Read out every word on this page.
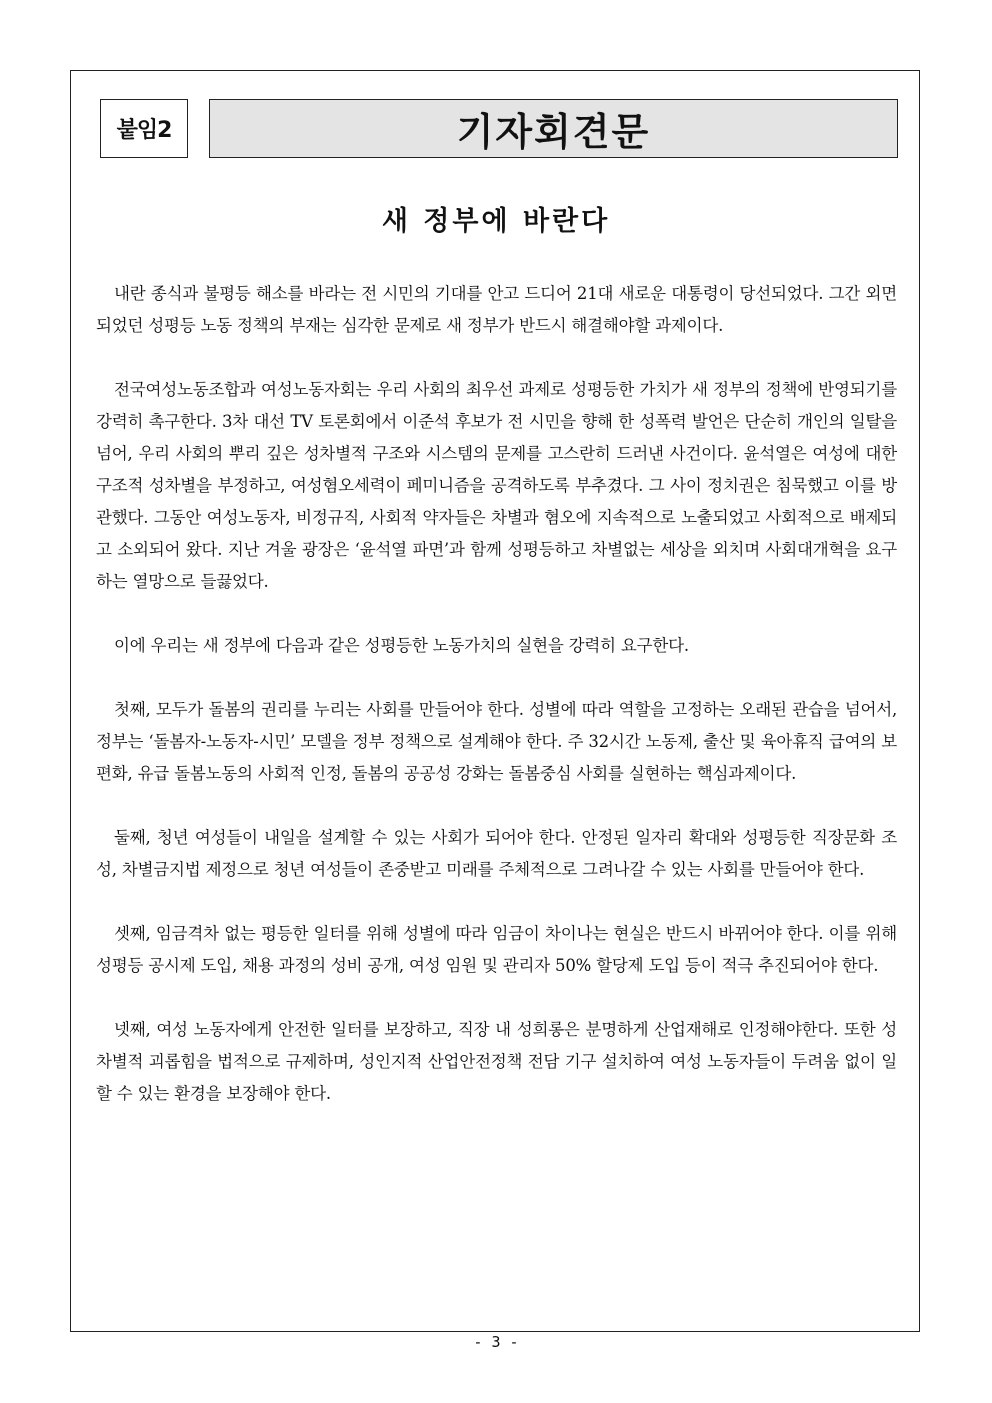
붙임2	기자회견문
새 정부에 바란다

내란 종식과 불평등 해소를 바라는 전 시민의 기대를 안고 드디어 21대 새로운 대통령이 당선되었다. 그간 외면되었던 성평등 노동 정책의 부재는 심각한 문제로 새 정부가 반드시 해결해야할 과제이다.

전국여성노동조합과 여성노동자회는 우리 사회의 최우선 과제로 성평등한 가치가 새 정부의 정책에 반영되기를 강력히 촉구한다. 3차 대선 TV 토론회에서 이준석 후보가 전 시민을 향해 한 성폭력 발언은 단순히 개인의 일탈을 넘어, 우리 사회의 뿌리 깊은 성차별적 구조와 시스템의 문제를 고스란히 드러낸 사건이다. 윤석열은 여성에 대한 구조적 성차별을 부정하고, 여성혐오세력이 페미니즘을 공격하도록 부추겼다. 그 사이 정치권은 침묵했고 이를 방관했다. 그동안 여성노동자, 비정규직, 사회적 약자들은 차별과 혐오에 지속적으로 노출되었고 사회적으로 배제되고 소외되어 왔다. 지난 겨울 광장은 ‘윤석열 파면’과 함께 성평등하고 차별없는 세상을 외치며 사회대개혁을 요구하는 열망으로 들끓었다.

이에 우리는 새 정부에 다음과 같은 성평등한 노동가치의 실현을 강력히 요구한다.

첫째, 모두가 돌봄의 권리를 누리는 사회를 만들어야 한다. 성별에 따라 역할을 고정하는 오래된 관습을 넘어서, 정부는 ‘돌봄자-노동자-시민’ 모델을 정부 정책으로 설계해야 한다. 주 32시간 노동제, 출산 및 육아휴직 급여의 보편화, 유급 돌봄노동의 사회적 인정, 돌봄의 공공성 강화는 돌봄중심 사회를 실현하는 핵심과제이다.

둘째, 청년 여성들이 내일을 설계할 수 있는 사회가 되어야 한다. 안정된 일자리 확대와 성평등한 직장문화 조성, 차별금지법 제정으로 청년 여성들이 존중받고 미래를 주체적으로 그려나갈 수 있는 사회를 만들어야 한다.

셋째, 임금격차 없는 평등한 일터를 위해 성별에 따라 임금이 차이나는 현실은 반드시 바뀌어야 한다. 이를 위해 성평등 공시제 도입, 채용 과정의 성비 공개, 여성 임원 및 관리자 50% 할당제 도입 등이 적극 추진되어야 한다.

넷째, 여성 노동자에게 안전한 일터를 보장하고, 직장 내 성희롱은 분명하게 산업재해로 인정해야한다. 또한 성차별적 괴롭힘을 법적으로 규제하며, 성인지적 산업안전정책 전담 기구 설치하여 여성 노동자들이 두려움 없이 일할 수 있는 환경을 보장해야 한다.

- 3 -
